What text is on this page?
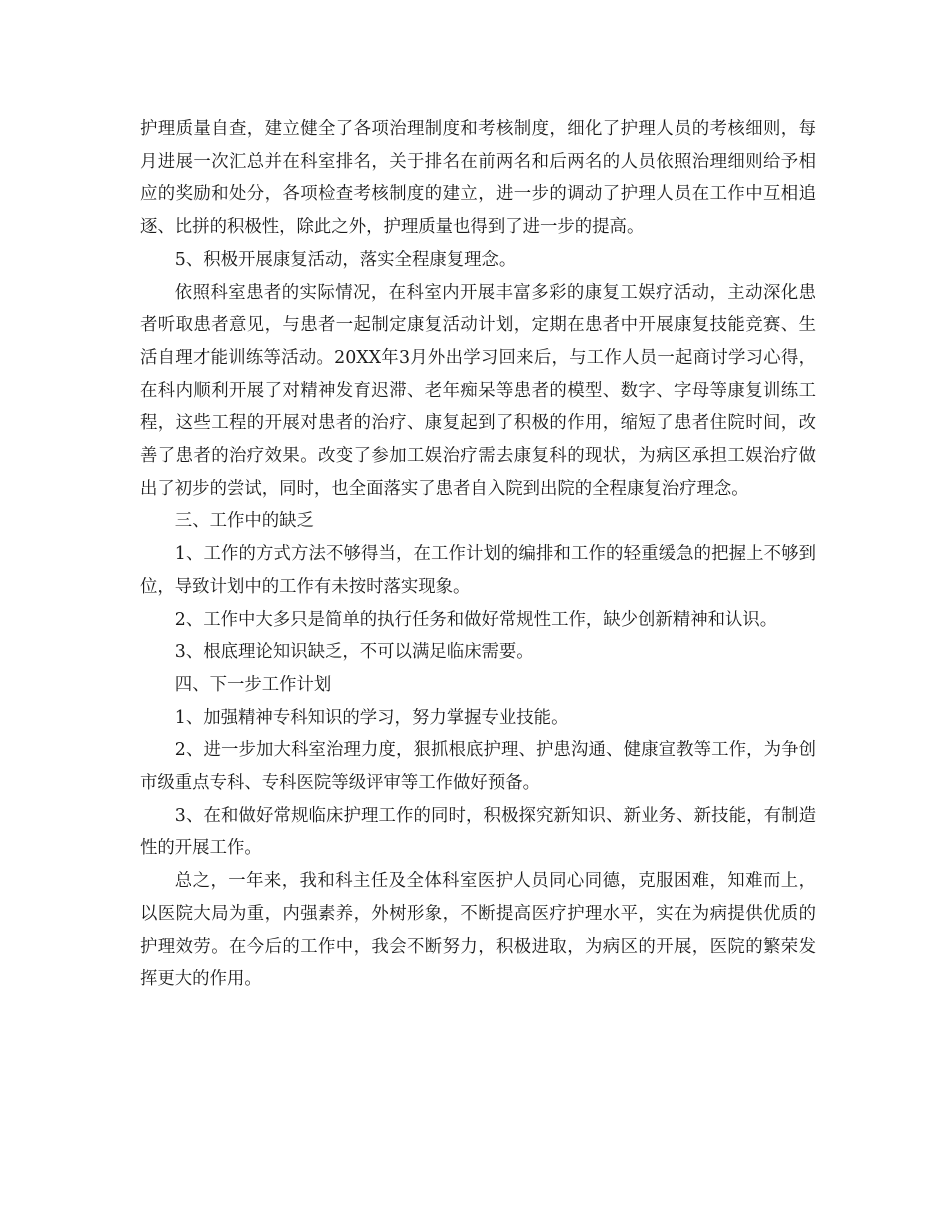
护理质量自查，建立健全了各项治理制度和考核制度，细化了护理人员的考核细则，每月进展一次汇总并在科室排名，关于排名在前两名和后两名的人员依照治理细则给予相应的奖励和处分，各项检查考核制度的建立，进一步的调动了护理人员在工作中互相追逐、比拼的积极性，除此之外，护理质量也得到了进一步的提高。

5、积极开展康复活动，落实全程康复理念。

依照科室患者的实际情况，在科室内开展丰富多彩的康复工娱疗活动，主动深化患者听取患者意见，与患者一起制定康复活动计划，定期在患者中开展康复技能竞赛、生活自理才能训练等活动。20XX年3月外出学习回来后，与工作人员一起商讨学习心得，在科内顺利开展了对精神发育迟滞、老年痴呆等患者的模型、数字、字母等康复训练工程，这些工程的开展对患者的治疗、康复起到了积极的作用，缩短了患者住院时间，改善了患者的治疗效果。改变了参加工娱治疗需去康复科的现状，为病区承担工娱治疗做出了初步的尝试，同时，也全面落实了患者自入院到出院的全程康复治疗理念。

三、工作中的缺乏

1、工作的方式方法不够得当，在工作计划的编排和工作的轻重缓急的把握上不够到位，导致计划中的工作有未按时落实现象。

2、工作中大多只是简单的执行任务和做好常规性工作，缺少创新精神和认识。

3、根底理论知识缺乏，不可以满足临床需要。

四、下一步工作计划

1、加强精神专科知识的学习，努力掌握专业技能。

2、进一步加大科室治理力度，狠抓根底护理、护患沟通、健康宣教等工作，为争创市级重点专科、专科医院等级评审等工作做好预备。

3、在和做好常规临床护理工作的同时，积极探究新知识、新业务、新技能，有制造性的开展工作。

总之，一年来，我和科主任及全体科室医护人员同心同德，克服困难，知难而上，以医院大局为重，内强素养，外树形象，不断提高医疗护理水平，实在为病提供优质的护理效劳。在今后的工作中，我会不断努力，积极进取，为病区的开展，医院的繁荣发挥更大的作用。
